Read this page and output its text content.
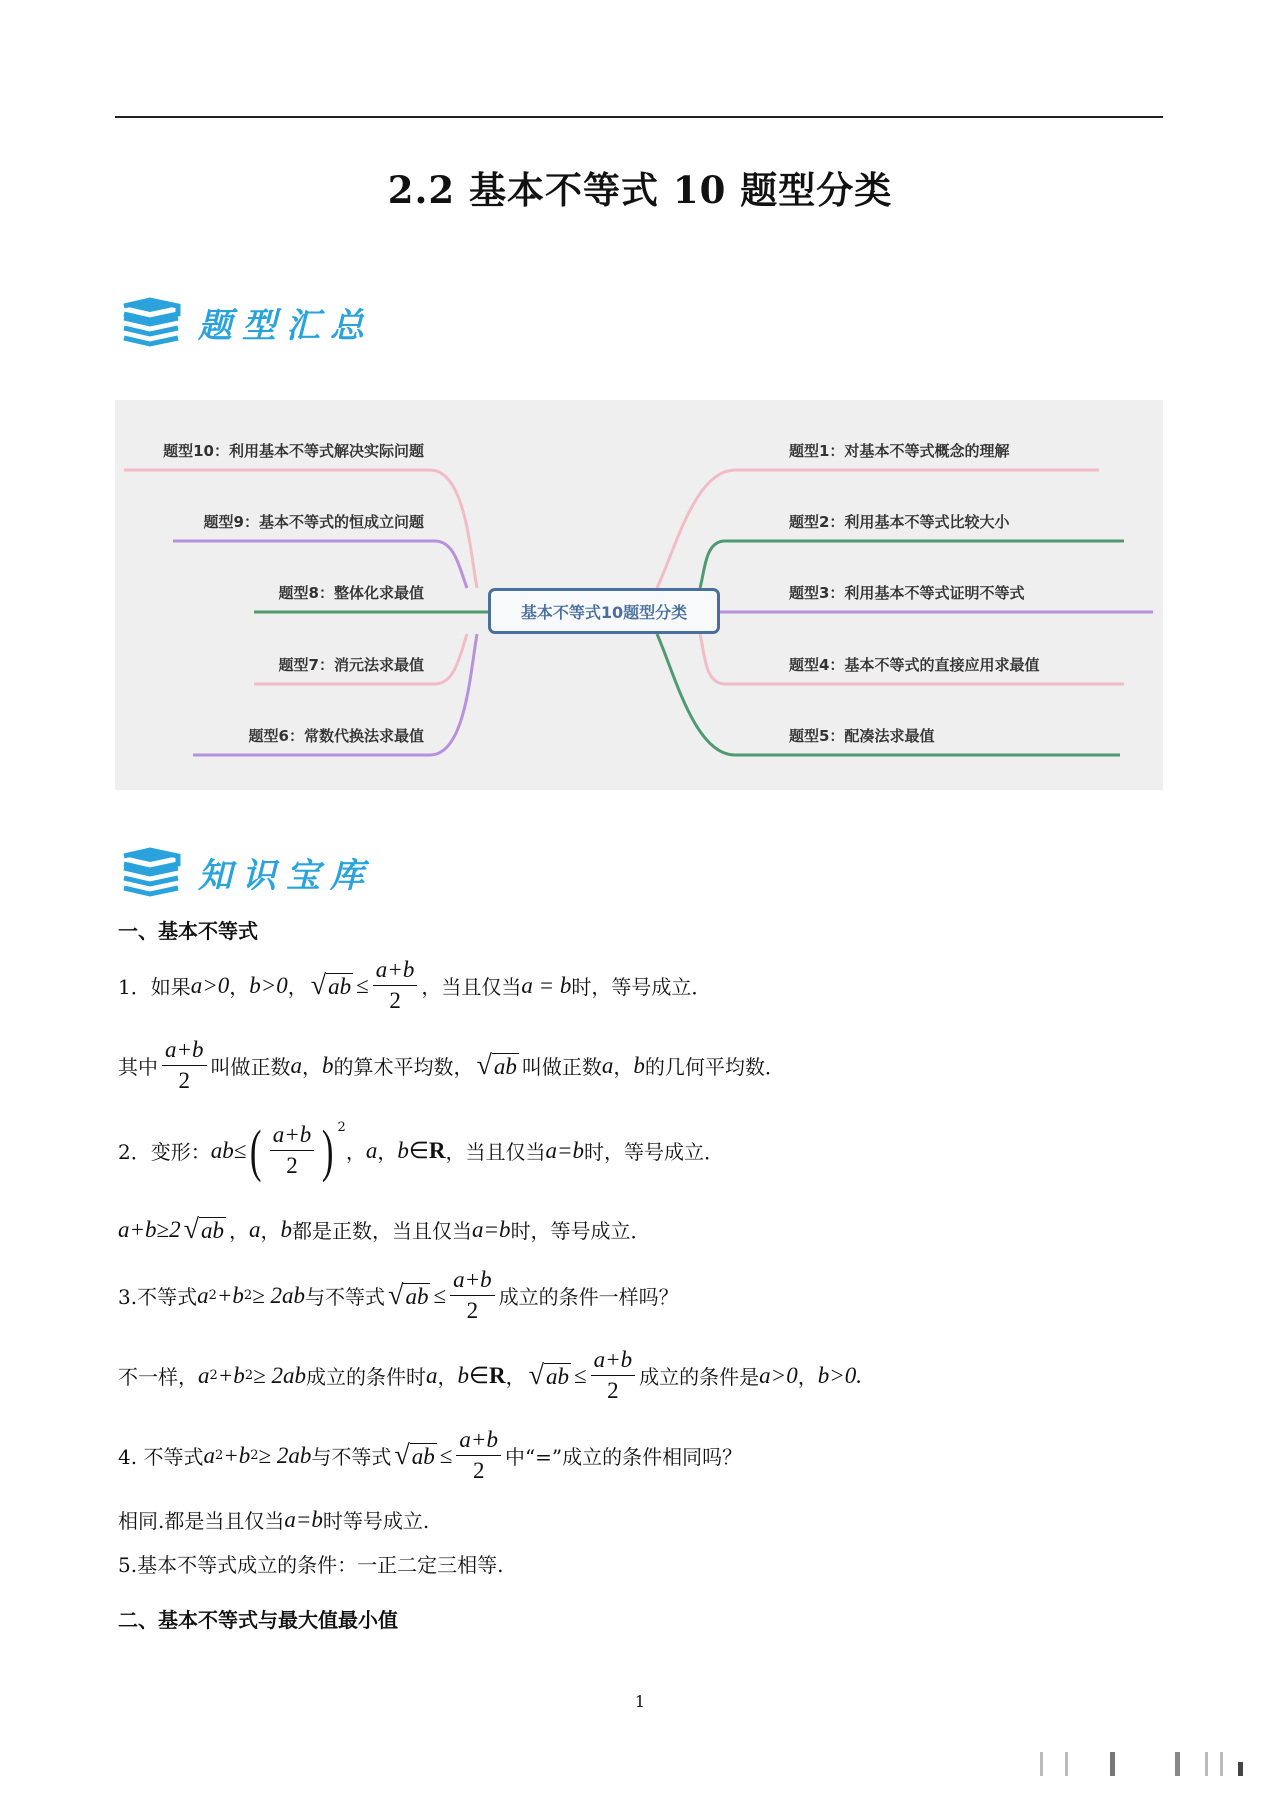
2.2 基本不等式 10 题型分类
题型汇总
基本不等式10题型分类
题型10：利用基本不等式解决实际问题
题型9：基本不等式的恒成立问题
题型8：整体化求最值
题型7：消元法求最值
题型6：常数代换法求最值
题型1：对基本不等式概念的理解
题型2：利用基本不等式比较大小
题型3：利用基本不等式证明不等式
题型4：基本不等式的直接应用求最值
题型5：配凑法求最值
知识宝库
一、基本不等式
1．如果 a>0 ， b>0 ， √ ab ≤ $\frac{a+b}{2}$ ，当且仅当 a = b 时，等号成立．
其中 $\frac{a+b}{2}$ 叫做正数 a ， b 的算术平均数， √ ab 叫做正数 a ， b 的几何平均数．
2．变形： ab≤ ( $\frac{a+b}{2}$ ) $^2$
， a ， b ∈ R ，当且仅当 a=b 时，等号成立．
a+b≥2 √ ab ， a ， b 都是正数，当且仅当 a=b 时，等号成立．
3.不等式 a 2 +b 2 ≥ 2ab 与不等式 √ ab ≤ $\frac{a+b}{2}$ 成立的条件一样吗？
不一样， a 2 +b 2 ≥ 2ab 成立的条件时 a ， b ∈ R ， √ ab ≤ $\frac{a+b}{2}$ 成立的条件是 a>0 ， b>0.
4. 不等式 a 2 +b 2 ≥ 2ab 与不等式 √ ab ≤ $\frac{a+b}{2}$ 中“=”成立的条件相同吗？
相同.都是当且仅当 a=b 时等号成立.
5.基本不等式成立的条件：一正二定三相等.
二、基本不等式与最大值最小值
1
